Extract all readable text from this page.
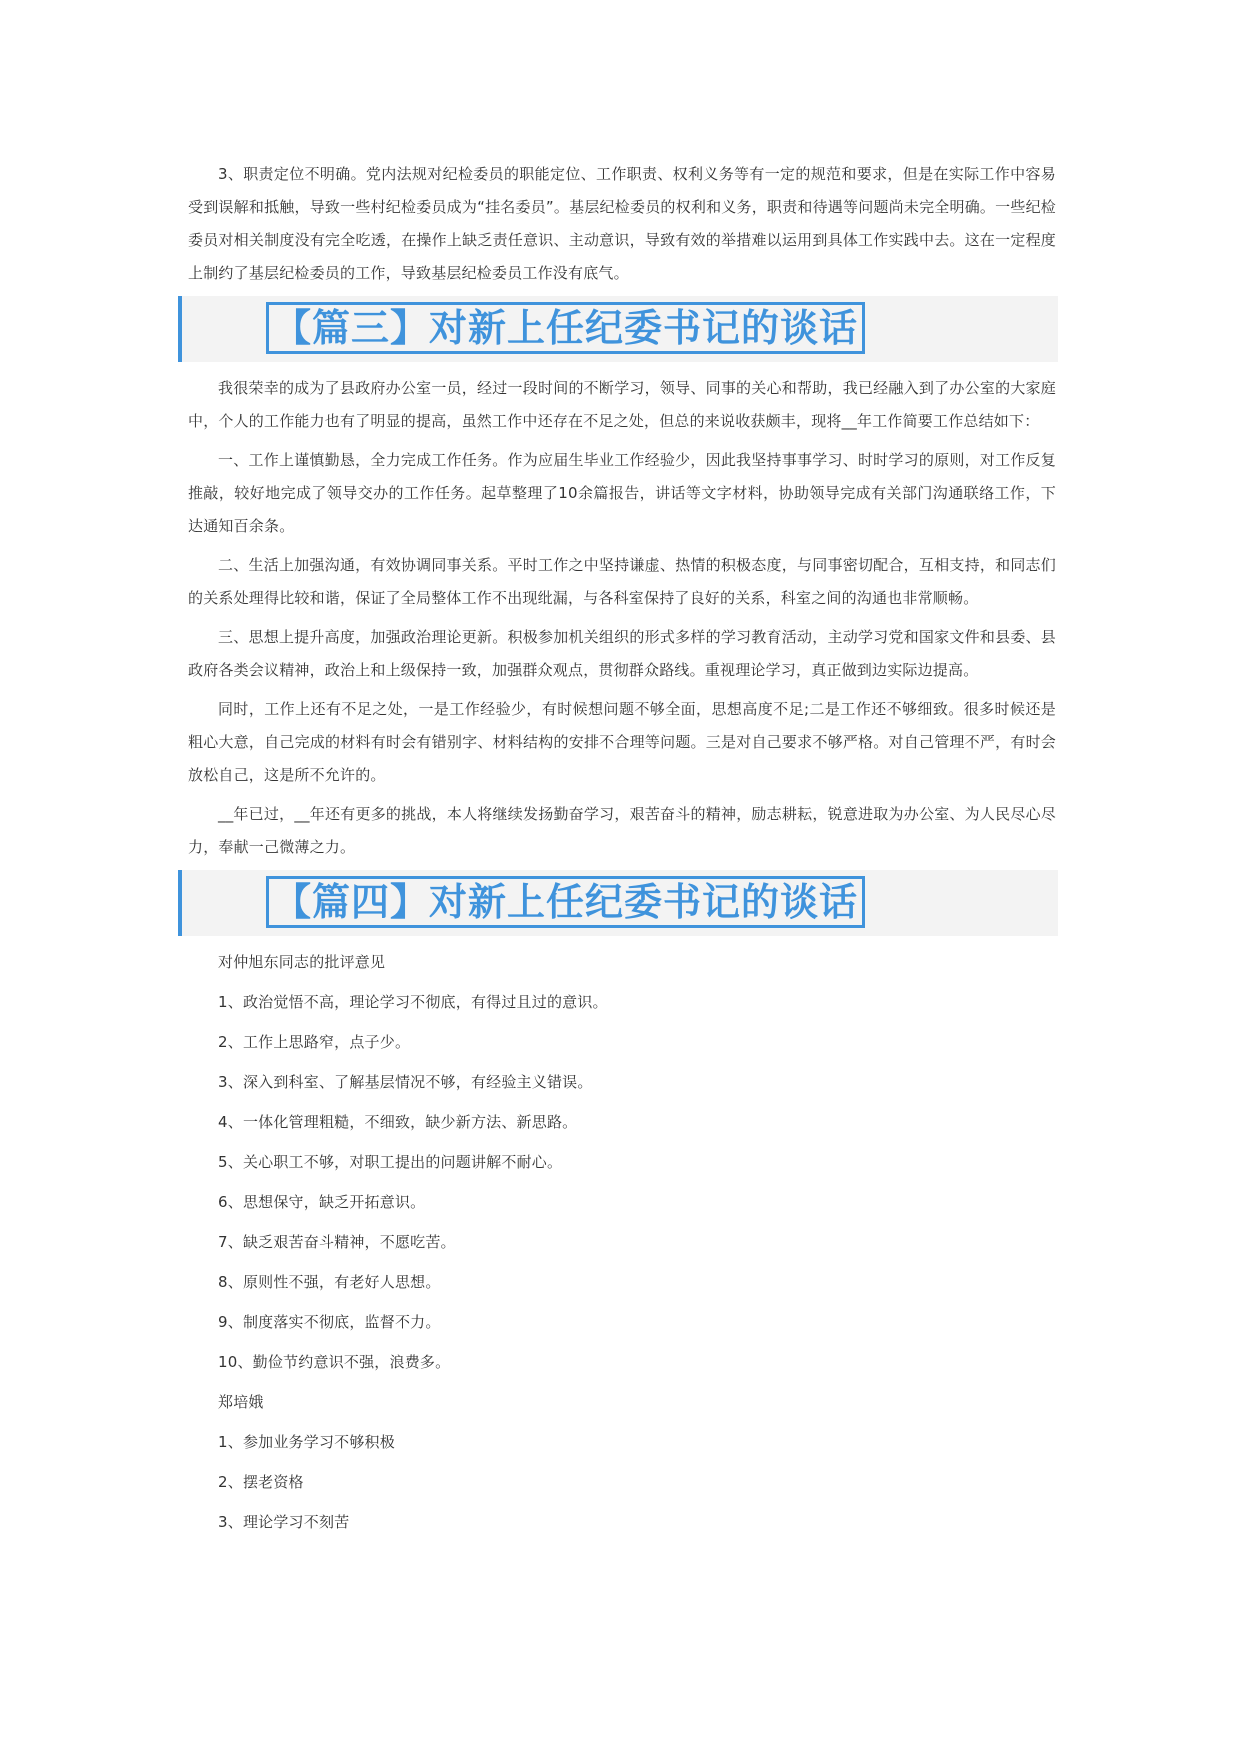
3、职责定位不明确。党内法规对纪检委员的职能定位、工作职责、权利义务等有一定的规范和要求，但是在实际工作中容易受到误解和抵触，导致一些村纪检委员成为“挂名委员”。基层纪检委员的权利和义务，职责和待遇等问题尚未完全明确。一些纪检委员对相关制度没有完全吃透，在操作上缺乏责任意识、主动意识，导致有效的举措难以运用到具体工作实践中去。这在一定程度上制约了基层纪检委员的工作，导致基层纪检委员工作没有底气。

【篇三】对新上任纪委书记的谈话

我很荣幸的成为了县政府办公室一员，经过一段时间的不断学习，领导、同事的关心和帮助，我已经融入到了办公室的大家庭中，个人的工作能力也有了明显的提高，虽然工作中还存在不足之处，但总的来说收获颇丰，现将__年工作简要工作总结如下：

一、工作上谨慎勤恳，全力完成工作任务。作为应届生毕业工作经验少，因此我坚持事事学习、时时学习的原则，对工作反复推敲，较好地完成了领导交办的工作任务。起草整理了10余篇报告，讲话等文字材料，协助领导完成有关部门沟通联络工作，下达通知百余条。

二、生活上加强沟通，有效协调同事关系。平时工作之中坚持谦虚、热情的积极态度，与同事密切配合，互相支持，和同志们的关系处理得比较和谐，保证了全局整体工作不出现纰漏，与各科室保持了良好的关系，科室之间的沟通也非常顺畅。

三、思想上提升高度，加强政治理论更新。积极参加机关组织的形式多样的学习教育活动，主动学习党和国家文件和县委、县政府各类会议精神，政治上和上级保持一致，加强群众观点，贯彻群众路线。重视理论学习，真正做到边实际边提高。

同时，工作上还有不足之处，一是工作经验少，有时候想问题不够全面，思想高度不足;二是工作还不够细致。很多时候还是粗心大意，自己完成的材料有时会有错别字、材料结构的安排不合理等问题。三是对自己要求不够严格。对自己管理不严，有时会放松自己，这是所不允许的。

__年已过，__年还有更多的挑战，本人将继续发扬勤奋学习，艰苦奋斗的精神，励志耕耘，锐意进取为办公室、为人民尽心尽力，奉献一己微薄之力。

【篇四】对新上任纪委书记的谈话

对仲旭东同志的批评意见

1、政治觉悟不高，理论学习不彻底，有得过且过的意识。

2、工作上思路窄，点子少。

3、深入到科室、了解基层情况不够，有经验主义错误。

4、一体化管理粗糙，不细致，缺少新方法、新思路。

5、关心职工不够，对职工提出的问题讲解不耐心。

6、思想保守，缺乏开拓意识。

7、缺乏艰苦奋斗精神，不愿吃苦。

8、原则性不强，有老好人思想。

9、制度落实不彻底，监督不力。

10、勤俭节约意识不强，浪费多。

郑培娥

1、参加业务学习不够积极

2、摆老资格

3、理论学习不刻苦
